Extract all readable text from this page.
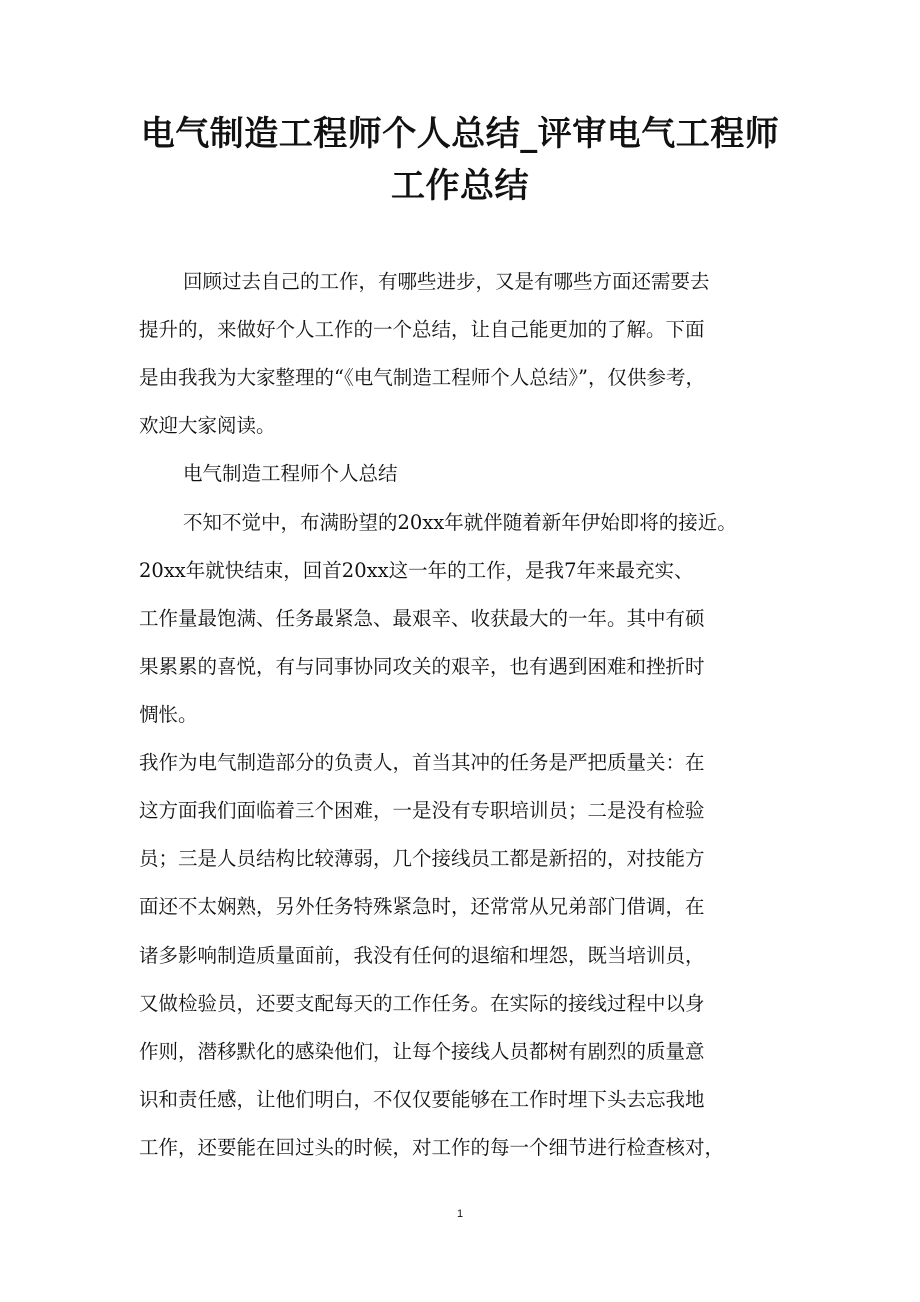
电气制造工程师个人总结_评审电气工程师
工作总结
回顾过去自己的工作，有哪些进步，又是有哪些方面还需要去
提升的，来做好个人工作的一个总结，让自己能更加的了解。下面
是由我我为大家整理的“《电气制造工程师个人总结》”，仅供参考，
欢迎大家阅读。
电气制造工程师个人总结
不知不觉中，布满盼望的20xx年就伴随着新年伊始即将的接近。
20xx年就快结束，回首20xx这一年的工作，是我7年来最充实、
工作量最饱满、任务最紧急、最艰辛、收获最大的一年。其中有硕
果累累的喜悦，有与同事协同攻关的艰辛，也有遇到困难和挫折时
惆怅。
我作为电气制造部分的负责人，首当其冲的任务是严把质量关：在
这方面我们面临着三个困难，一是没有专职培训员；二是没有检验
员；三是人员结构比较薄弱，几个接线员工都是新招的，对技能方
面还不太娴熟，另外任务特殊紧急时，还常常从兄弟部门借调，在
诸多影响制造质量面前，我没有任何的退缩和埋怨，既当培训员，
又做检验员，还要支配每天的工作任务。在实际的接线过程中以身
作则，潜移默化的感染他们，让每个接线人员都树有剧烈的质量意
识和责任感，让他们明白，不仅仅要能够在工作时埋下头去忘我地
工作，还要能在回过头的时候，对工作的每一个细节进行检查核对，
1
